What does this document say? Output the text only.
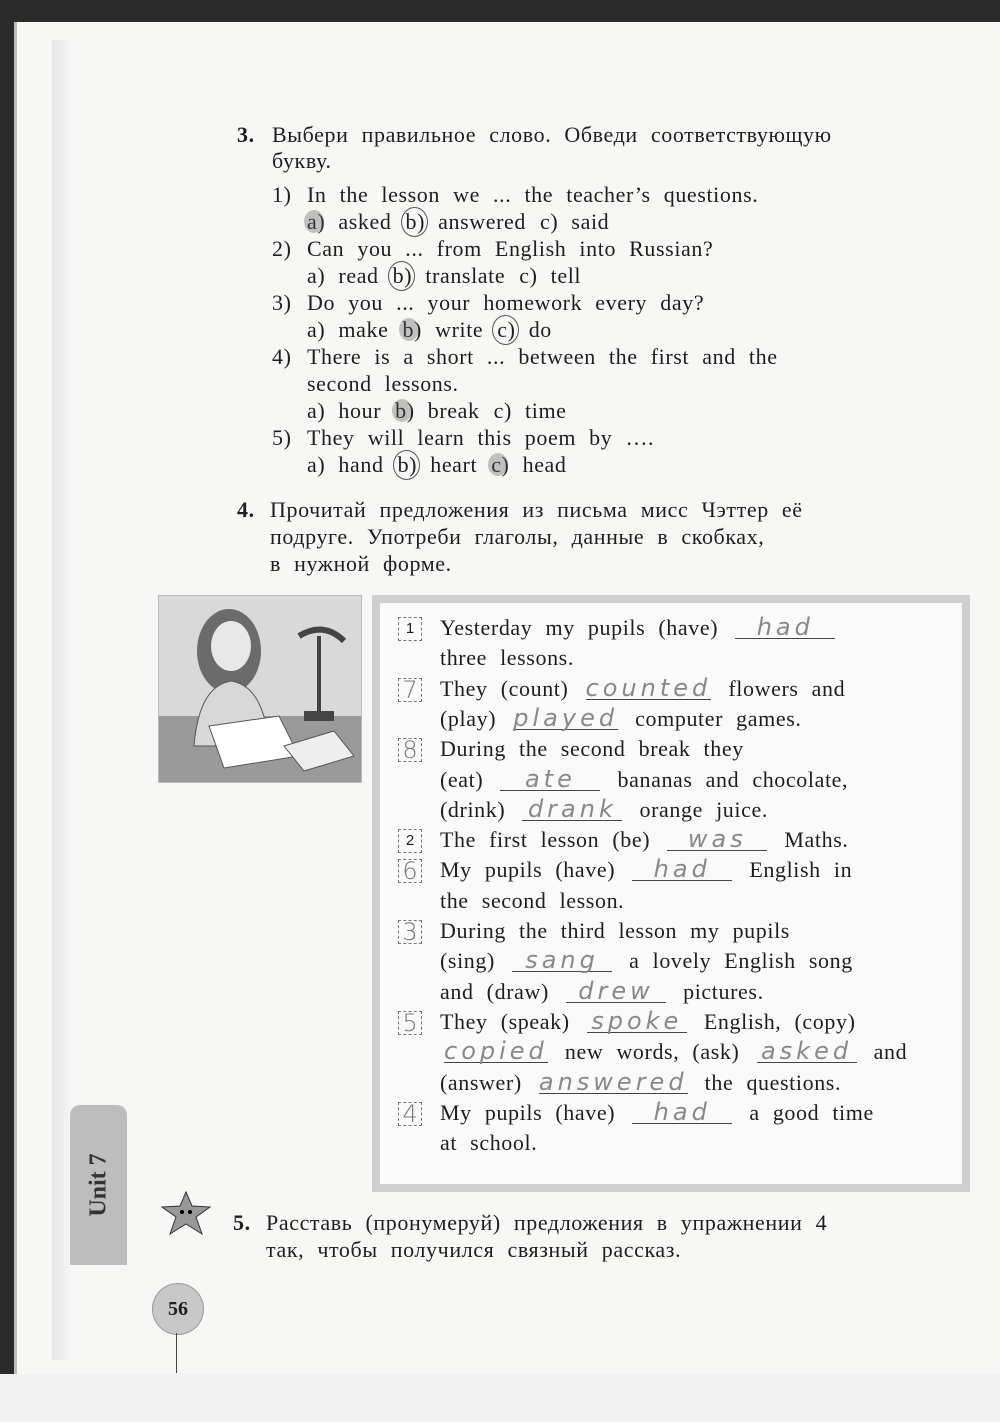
3. Выбери правильное слово. Обведи соответствующую
букву.
1) In the lesson we ... the teacher’s questions.
a) asked b) answered c) said
2) Can you ... from English into Russian?
a) read b) translate c) tell
3) Do you ... your homework every day?
a) make b) write c) do
4) There is a short ... between the first and the
second lessons.
a) hour b) break c) time
5) They will learn this poem by ….
a) hand b) heart c) head
4. Прочитай предложения из письма мисс Чэттер её
подруге. Употреби глаголы, данные в скобках,
в нужной форме.
1	Yesterday my pupils (have) had
three lessons.
7 They (count) counted flowers and
(play) played computer games.
8 During the second break they
(eat) ate bananas and chocolate,
(drink) drank orange juice.
2	The first lesson (be) was Maths.
6 My pupils (have) had English in
the second lesson.
3 During the third lesson my pupils
(sing) sang a lovely English song
and (draw) drew pictures.
5 They (speak) spoke English, (copy)
copied new words, (ask) asked and
(answer) answered the questions.
4 My pupils (have) had a good time
at school.
5. Расставь (пронумеруй) предложения в упражнении 4
так, чтобы получился связный рассказ.
Unit 7
56
